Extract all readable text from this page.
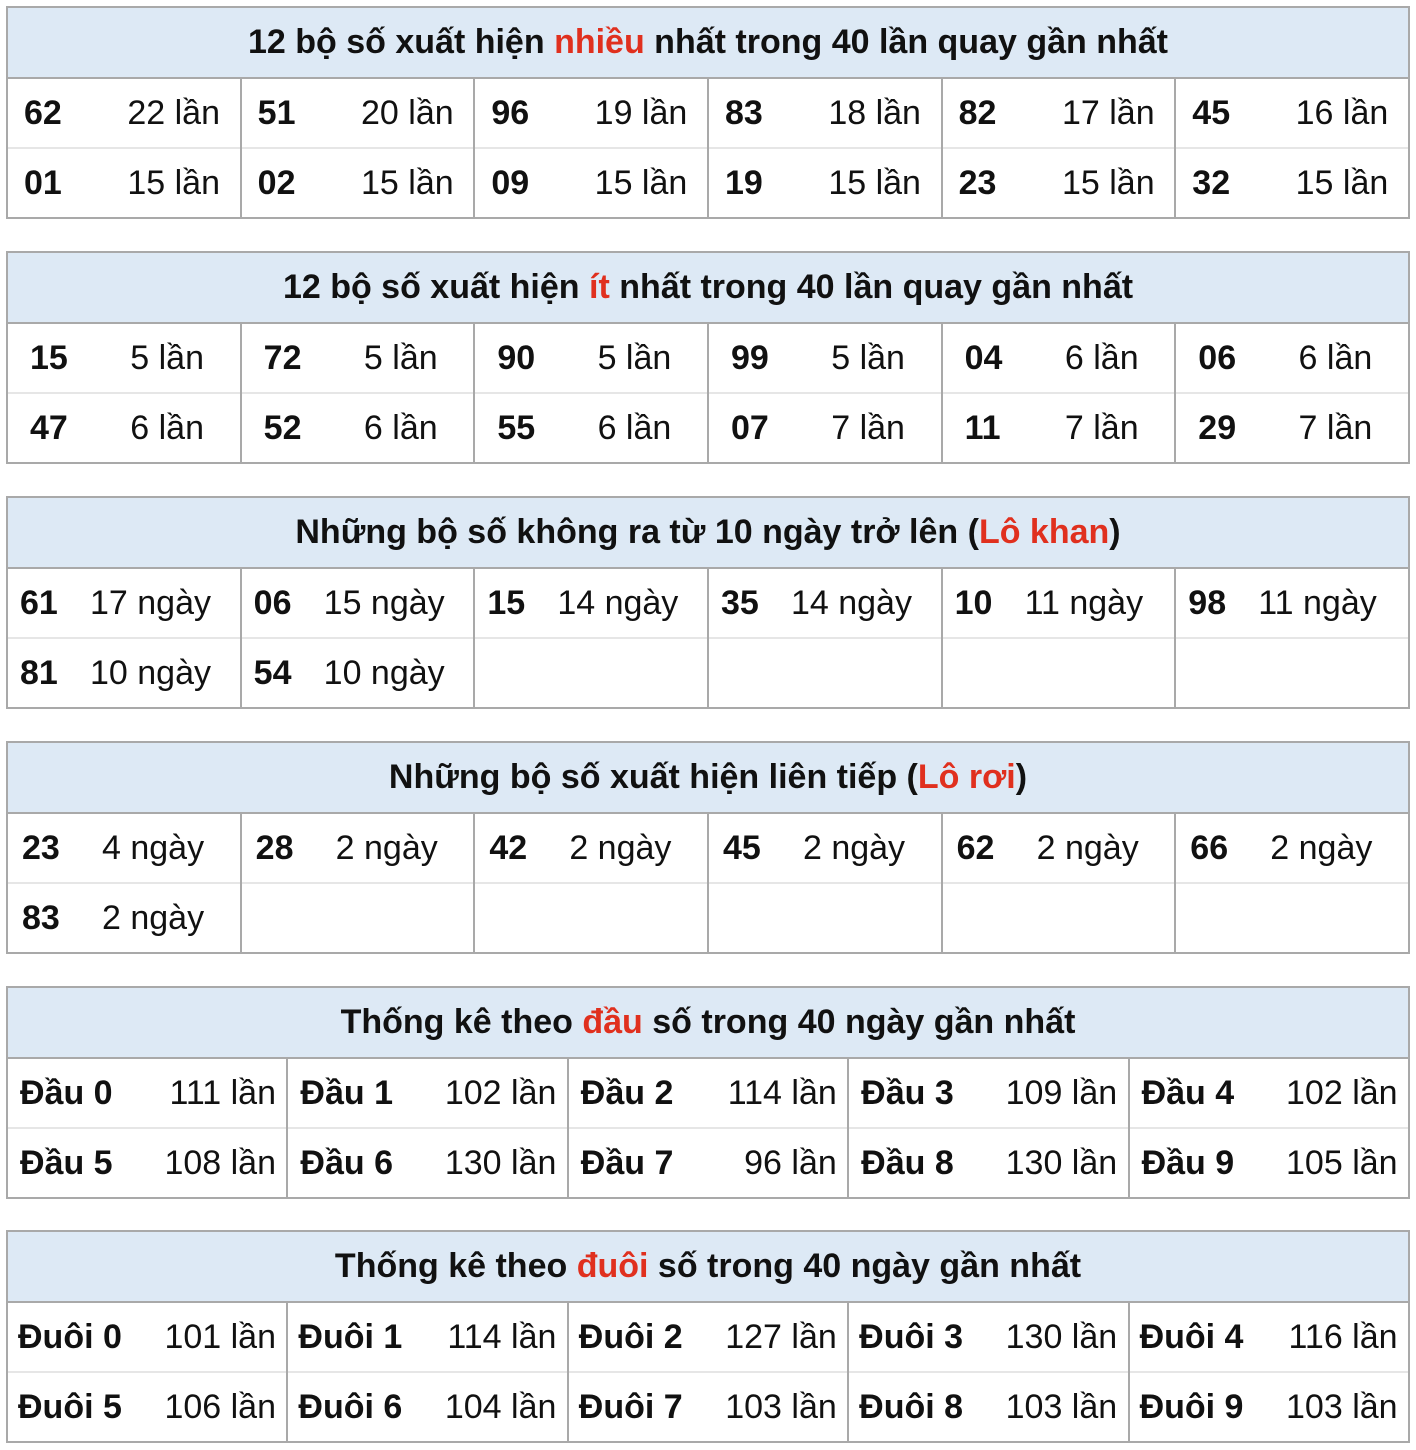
12 bộ số xuất hiện nhiều nhất trong 40 lần quay gần nhất					

62 22 lần	51 20 lần	96 19 lần	83 18 lần	82 17 lần	45 16 lần

01 15 lần	02 15 lần	09 15 lần	19 15 lần	23 15 lần	32 15 lần
12 bộ số xuất hiện ít nhất trong 40 lần quay gần nhất					

15 5 lần	72 5 lần	90 5 lần	99 5 lần	04 6 lần	06 6 lần

47 6 lần	52 6 lần	55 6 lần	07 7 lần	11 7 lần	29 7 lần
Những bộ số không ra từ 10 ngày trở lên (Lô khan)					

61 17 ngày	06 15 ngày	15 14 ngày	35 14 ngày	10 11 ngày	98 11 ngày

81 10 ngày	54 10 ngày				

Những bộ số xuất hiện liên tiếp (Lô rơi)					

23 4 ngày	28 2 ngày	42 2 ngày	45 2 ngày	62 2 ngày	66 2 ngày

83 2 ngày					

Thống kê theo đầu số trong 40 ngày gần nhất				

Đầu 0 111 lần	Đầu 1 102 lần	Đầu 2 114 lần	Đầu 3 109 lần	Đầu 4 102 lần

Đầu 5 108 lần	Đầu 6 130 lần	Đầu 7 96 lần	Đầu 8 130 lần	Đầu 9 105 lần
Thống kê theo đuôi số trong 40 ngày gần nhất				

Đuôi 0 101 lần	Đuôi 1 114 lần	Đuôi 2 127 lần	Đuôi 3 130 lần	Đuôi 4 116 lần

Đuôi 5 106 lần	Đuôi 6 104 lần	Đuôi 7 103 lần	Đuôi 8 103 lần	Đuôi 9 103 lần
